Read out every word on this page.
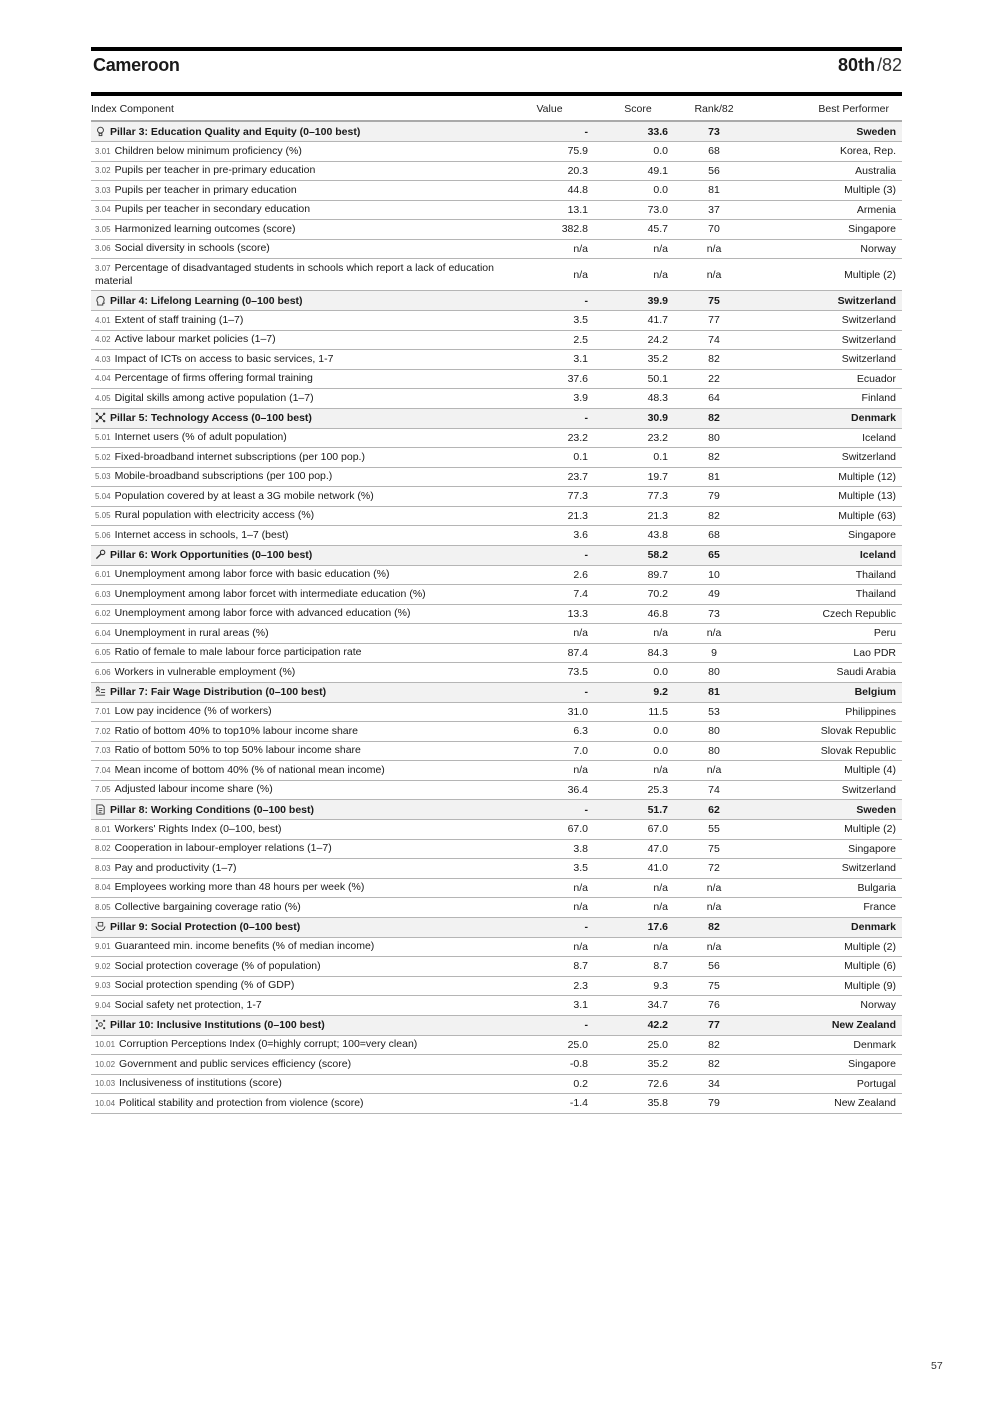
Cameroon	80th /82
Index Component	Value	Score	Rank/82	Best Performer

Pillar 3: Education Quality and Equity (0–100 best)	-	33.6	73	Sweden
3.01 Children below minimum proficiency (%)	75.9	0.0	68	Korea, Rep.
3.02 Pupils per teacher in pre-primary education	20.3	49.1	56	Australia
3.03 Pupils per teacher in primary education	44.8	0.0	81	Multiple (3)
3.04 Pupils per teacher in secondary education	13.1	73.0	37	Armenia
3.05 Harmonized learning outcomes (score)	382.8	45.7	70	Singapore
3.06 Social diversity in schools (score)	n/a	n/a	n/a	Norway
3.07 Percentage of disadvantaged students in schools which report a lack of education material	n/a	n/a	n/a	Multiple (2)

Pillar 4: Lifelong Learning (0–100 best)	-	39.9	75	Switzerland
4.01 Extent of staff training (1–7)	3.5	41.7	77	Switzerland
4.02 Active labour market policies (1–7)	2.5	24.2	74	Switzerland
4.03 Impact of ICTs on access to basic services, 1-7	3.1	35.2	82	Switzerland
4.04 Percentage of firms offering formal training	37.6	50.1	22	Ecuador
4.05 Digital skills among active population (1–7)	3.9	48.3	64	Finland

Pillar 5: Technology Access (0–100 best)	-	30.9	82	Denmark
5.01 Internet users (% of adult population)	23.2	23.2	80	Iceland
5.02 Fixed-broadband internet subscriptions (per 100 pop.)	0.1	0.1	82	Switzerland
5.03 Mobile-broadband subscriptions (per 100 pop.)	23.7	19.7	81	Multiple (12)
5.04 Population covered by at least a 3G mobile network (%)	77.3	77.3	79	Multiple (13)
5.05 Rural population with electricity access (%)	21.3	21.3	82	Multiple (63)
5.06 Internet access in schools, 1–7 (best)	3.6	43.8	68	Singapore

Pillar 6: Work Opportunities (0–100 best)	-	58.2	65	Iceland
6.01 Unemployment among labor force with basic education (%)	2.6	89.7	10	Thailand
6.03 Unemployment among labor forcet with intermediate education (%)	7.4	70.2	49	Thailand
6.02 Unemployment among labor force with advanced education (%)	13.3	46.8	73	Czech Republic
6.04 Unemployment in rural areas (%)	n/a	n/a	n/a	Peru
6.05 Ratio of female to male labour force participation rate	87.4	84.3	9	Lao PDR
6.06 Workers in vulnerable employment (%)	73.5	0.0	80	Saudi Arabia

Pillar 7: Fair Wage Distribution (0–100 best)	-	9.2	81	Belgium
7.01 Low pay incidence (% of workers)	31.0	11.5	53	Philippines
7.02 Ratio of bottom 40% to top10% labour income share	6.3	0.0	80	Slovak Republic
7.03 Ratio of bottom 50% to top 50% labour income share	7.0	0.0	80	Slovak Republic
7.04 Mean income of bottom 40% (% of national mean income)	n/a	n/a	n/a	Multiple (4)
7.05 Adjusted labour income share (%)	36.4	25.3	74	Switzerland

Pillar 8: Working Conditions (0–100 best)	-	51.7	62	Sweden
8.01 Workers' Rights Index (0–100, best)	67.0	67.0	55	Multiple (2)
8.02 Cooperation in labour-employer relations (1–7)	3.8	47.0	75	Singapore
8.03 Pay and productivity (1–7)	3.5	41.0	72	Switzerland
8.04 Employees working more than 48 hours per week (%)	n/a	n/a	n/a	Bulgaria
8.05 Collective bargaining coverage ratio (%)	n/a	n/a	n/a	France

Pillar 9: Social Protection (0–100 best)	-	17.6	82	Denmark
9.01 Guaranteed min. income benefits (% of median income)	n/a	n/a	n/a	Multiple (2)
9.02 Social protection coverage (% of population)	8.7	8.7	56	Multiple (6)
9.03 Social protection spending (% of GDP)	2.3	9.3	75	Multiple (9)
9.04 Social safety net protection, 1-7	3.1	34.7	76	Norway

Pillar 10: Inclusive Institutions (0–100 best)	-	42.2	77	New Zealand
10.01 Corruption Perceptions Index (0=highly corrupt; 100=very clean)	25.0	25.0	82	Denmark
10.02 Government and public services efficiency (score)	-0.8	35.2	82	Singapore
10.03 Inclusiveness of institutions (score)	0.2	72.6	34	Portugal
10.04 Political stability and protection from violence (score)	-1.4	35.8	79	New Zealand
57
